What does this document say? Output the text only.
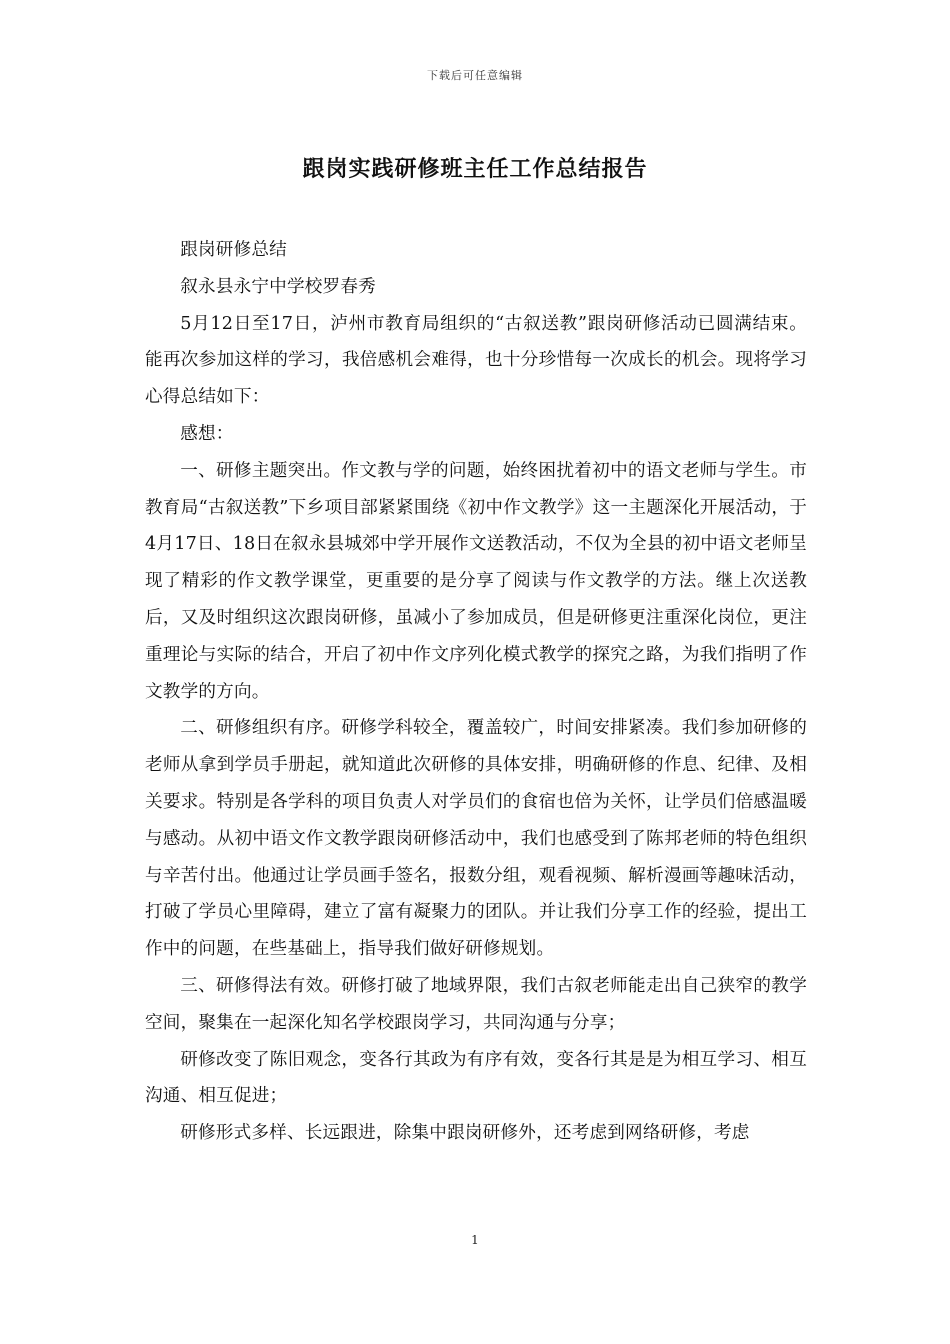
下载后可任意编辑
跟岗实践研修班主任工作总结报告

跟岗研修总结

叙永县永宁中学校罗春秀

5月12日至17日，泸州市教育局组织的“古叙送教”跟岗研修活动已圆满结束。能再次参加这样的学习，我倍感机会难得，也十分珍惜每一次成长的机会。现将学习心得总结如下：

感想：

一、研修主题突出。作文教与学的问题，始终困扰着初中的语文老师与学生。市教育局“古叙送教”下乡项目部紧紧围绕《初中作文教学》这一主题深化开展活动，于4月17日、18日在叙永县城郊中学开展作文送教活动，不仅为全县的初中语文老师呈现了精彩的作文教学课堂，更重要的是分享了阅读与作文教学的方法。继上次送教后，又及时组织这次跟岗研修，虽减小了参加成员，但是研修更注重深化岗位，更注重理论与实际的结合，开启了初中作文序列化模式教学的探究之路，为我们指明了作文教学的方向。

二、研修组织有序。研修学科较全，覆盖较广，时间安排紧凑。我们参加研修的老师从拿到学员手册起，就知道此次研修的具体安排，明确研修的作息、纪律、及相关要求。特别是各学科的项目负责人对学员们的食宿也倍为关怀，让学员们倍感温暖与感动。从初中语文作文教学跟岗研修活动中，我们也感受到了陈邦老师的特色组织与辛苦付出。他通过让学员画手签名，报数分组，观看视频、解析漫画等趣味活动，打破了学员心里障碍，建立了富有凝聚力的团队。并让我们分享工作的经验，提出工作中的问题，在些基础上，指导我们做好研修规划。

三、研修得法有效。研修打破了地域界限，我们古叙老师能走出自己狭窄的教学空间，聚集在一起深化知名学校跟岗学习，共同沟通与分享；

研修改变了陈旧观念，变各行其政为有序有效，变各行其是是为相互学习、相互沟通、相互促进；

研修形式多样、长远跟进，除集中跟岗研修外，还考虑到网络研修，考虑

1
